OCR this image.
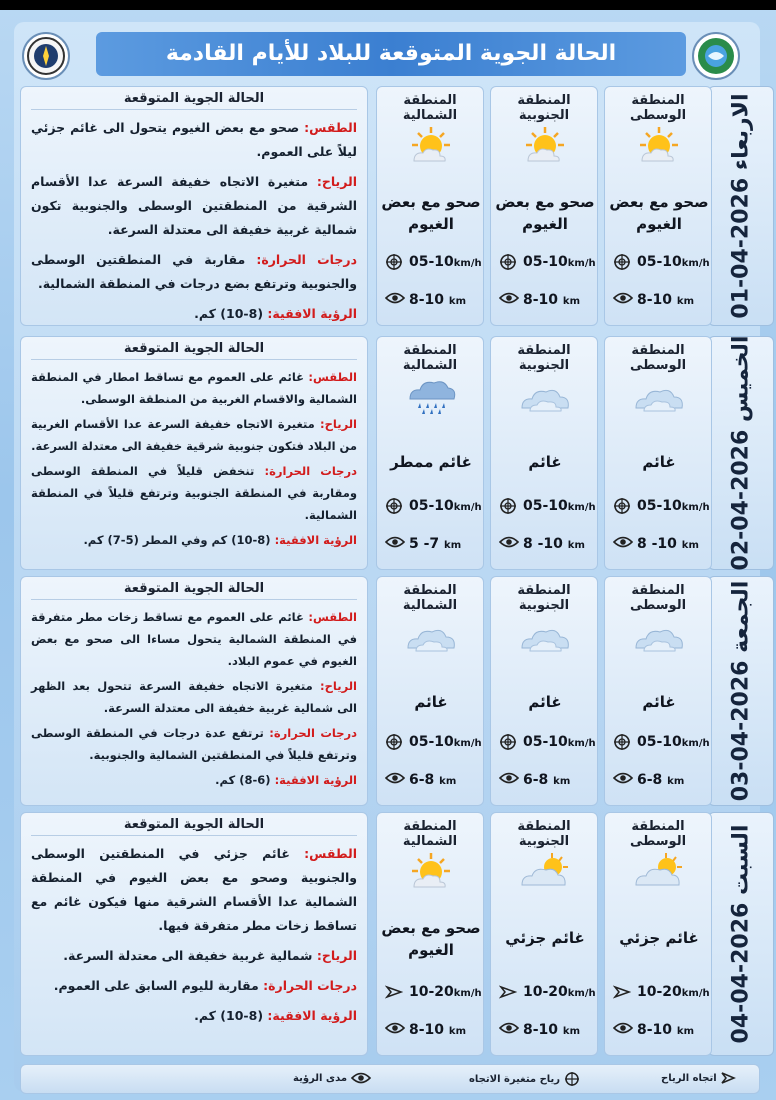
الحالة الجوية المتوقعة للبلاد للأيام القادمة
الاربعاء 2026-04-01
المنطقة الوسطى
صحو مع بعض الغيوم
05-10km/h
8-10 km
المنطقة الجنوبية
صحو مع بعض الغيوم
05-10km/h
8-10 km
المنطقة الشمالية
صحو مع بعض الغيوم
05-10km/h
8-10 km
الحالة الجوية المتوقعة

الطقس: صحو مع بعض الغيوم يتحول الى غائم جزئي ليلاً على العموم.

الرياح: متغيرة الاتجاه خفيفة السرعة عدا الأقسام الشرقية من المنطقتين الوسطى والجنوبية تكون شمالية غربية خفيفة الى معتدلة السرعة.

درجات الحرارة: مقاربة في المنطقتين الوسطى والجنوبية وترتفع بضع درجات في المنطقة الشمالية.

الرؤية الافقية: (8-10) كم.

الخميس 2026-04-02
المنطقة الوسطى
غائم
05-10km/h
8 -10 km
المنطقة الجنوبية
غائم
05-10km/h
8 -10 km
المنطقة الشمالية
غائم ممطر
05-10km/h
5 -7 km
الحالة الجوية المتوقعة

الطقس: غائم على العموم مع تساقط امطار في المنطقة الشمالية والاقسام الغربية من المنطقة الوسطى.

الرياح: متغيرة الاتجاه خفيفة السرعة عدا الأقسام الغربية من البلاد فتكون جنوبية شرقية خفيفة الى معتدلة السرعة.

درجات الحرارة: تنخفض قليلاً في المنطقة الوسطى ومقاربة في المنطقة الجنوبية وترتفع قليلاً في المنطقة الشمالية.

الرؤية الافقية: (8-10) كم وفي المطر (5-7) كم.

الجمعة 2026-04-03
المنطقة الوسطى
غائم
05-10km/h
6-8 km
المنطقة الجنوبية
غائم
05-10km/h
6-8 km
المنطقة الشمالية
غائم
05-10km/h
6-8 km
الحالة الجوية المتوقعة

الطقس: غائم على العموم مع تساقط زخات مطر متفرقة في المنطقة الشمالية يتحول مساءا الى صحو مع بعض الغيوم في عموم البلاد.

الرياح: متغيرة الاتجاه خفيفة السرعة تتحول بعد الظهر الى شمالية غربية خفيفة الى معتدلة السرعة.

درجات الحرارة: ترتفع عدة درجات في المنطقة الوسطى وترتفع قليلاً في المنطقتين الشمالية والجنوبية.

الرؤية الافقية: (6-8) كم.

السبت 2026-04-04
المنطقة الوسطى
غائم جزئي
10-20km/h
8-10 km
المنطقة الجنوبية
غائم جزئي
10-20km/h
8-10 km
المنطقة الشمالية
صحو مع بعض الغيوم
10-20km/h
8-10 km
الحالة الجوية المتوقعة

الطقس: غائم جزئي في المنطقتين الوسطى والجنوبية وصحو مع بعض الغيوم في المنطقة الشمالية عدا الأقسام الشرقية منها فيكون غائم مع تساقط زخات مطر متفرقة فيها.

الرياح: شمالية غربية خفيفة الى معتدلة السرعة.

درجات الحرارة: مقاربة لليوم السابق على العموم.

الرؤية الافقية: (8-10) كم.

اتجاه الرياح
رياح متغيرة الاتجاه
مدى الرؤية
